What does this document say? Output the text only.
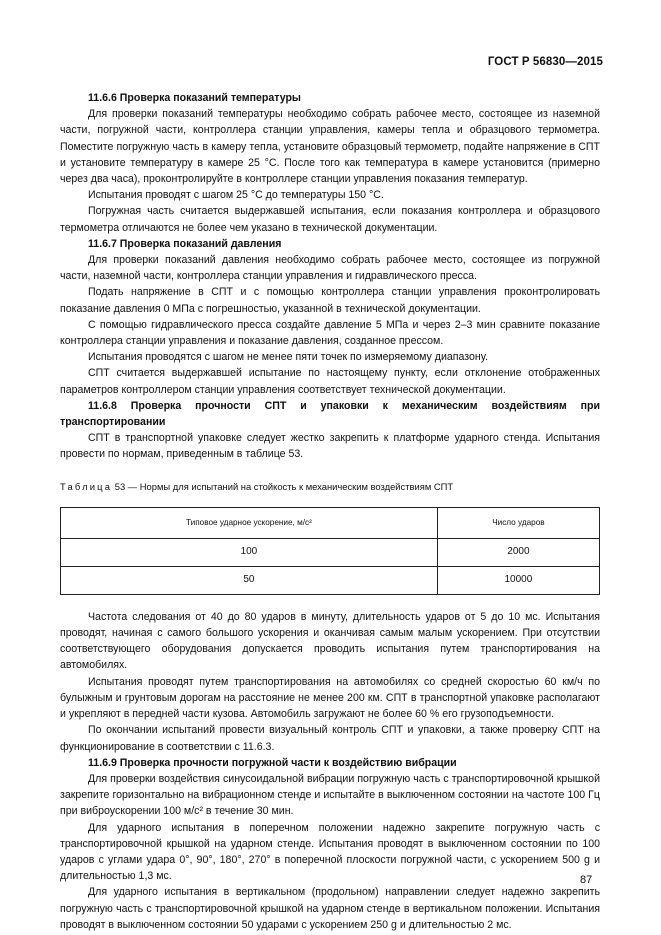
ГОСТ Р 56830—2015
11.6.6 Проверка показаний температуры

Для проверки показаний температуры необходимо собрать рабочее место, состоящее из наземной части, погружной части, контроллера станции управления, камеры тепла и образцового термометра. Поместите погружную часть в камеру тепла, установите образцовый термометр, подайте напряжение в СПТ и установите температуру в камере 25 °С. После того как температура в камере установится (примерно через два часа), проконтролируйте в контроллере станции управления показания температур.

Испытания проводят с шагом 25 °С до температуры 150 °С.

Погружная часть считается выдержавшей испытания, если показания контроллера и образцового термометра отличаются не более чем указано в технической документации.

11.6.7 Проверка показаний давления

Для проверки показаний давления необходимо собрать рабочее место, состоящее из погружной части, наземной части, контроллера станции управления и гидравлического пресса.

Подать напряжение в СПТ и с помощью контроллера станции управления проконтролировать показание давления 0 МПа с погрешностью, указанной в технической документации.

С помощью гидравлического пресса создайте давление 5 МПа и через 2–3 мин сравните показание контроллера станции управления и показание давления, созданное прессом.

Испытания проводятся с шагом не менее пяти точек по измеряемому диапазону.

СПТ считается выдержавшей испытание по настоящему пункту, если отклонение отображенных параметров контроллером станции управления соответствует технической документации.

11.6.8 Проверка прочности СПТ и упаковки к механическим воздействиям при транспортировании

СПТ в транспортной упаковке следует жестко закрепить к платформе ударного стенда. Испытания провести по нормам, приведенным в таблице 53.

Таблица 53 — Нормы для испытаний на стойкость к механическим воздействиям СПТ

Типовое ударное ускорение, м/с²	Число ударов
100	2000
50	10000

Частота следования от 40 до 80 ударов в минуту, длительность ударов от 5 до 10 мс. Испытания проводят, начиная с самого большого ускорения и оканчивая самым малым ускорением. При отсутствии соответствующего оборудования допускается проводить испытания путем транспортирования на автомобилях.

Испытания проводят путем транспортирования на автомобилях со средней скоростью 60 км/ч по булыжным и грунтовым дорогам на расстояние не менее 200 км. СПТ в транспортной упаковке располагают и укрепляют в передней части кузова. Автомобиль загружают не более 60 % его грузоподъемности.

По окончании испытаний провести визуальный контроль СПТ и упаковки, а также проверку СПТ на функционирование в соответствии с 11.6.3.

11.6.9 Проверка прочности погружной части к воздействию вибрации

Для проверки воздействия синусоидальной вибрации погружную часть с транспортировочной крышкой закрепите горизонтально на вибрационном стенде и испытайте в выключенном состоянии на частоте 100 Гц при виброускорении 100 м/с² в течение 30 мин.

Для ударного испытания в поперечном положении надежно закрепите погружную часть с транспортировочной крышкой на ударном стенде. Испытания проводят в выключенном состоянии по 100 ударов с углами удара 0°, 90°, 180°, 270° в поперечной плоскости погружной части, с ускорением 500 g и длительностью 1,3 мс.

Для ударного испытания в вертикальном (продольном) направлении следует надежно закрепить погружную часть с транспортировочной крышкой на ударном стенде в вертикальном положении. Испытания проводят в выключенном состоянии 50 ударами с ускорением 250 g и длительностью 2 мс.

87
